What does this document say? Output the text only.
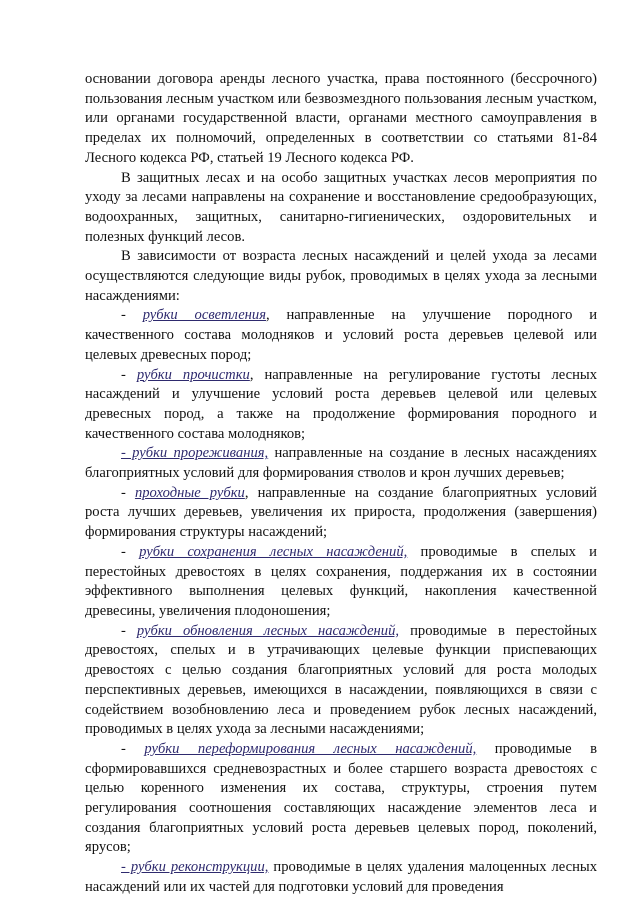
основании договора аренды лесного участка, права постоянного (бессрочного) пользования лесным участком или безвозмездного пользования лесным участком, или органами государственной власти, органами местного самоуправления в пределах их полномочий, определенных в соответствии со статьями 81-84 Лесного кодекса РФ, статьей 19 Лесного кодекса РФ.

В защитных лесах и на особо защитных участках лесов мероприятия по уходу за лесами направлены на сохранение и восстановление средообразующих, водоохранных, защитных, санитарно-гигиенических, оздоровительных и полезных функций лесов.

В зависимости от возраста лесных насаждений и целей ухода за лесами осуществляются следующие виды рубок, проводимых в целях ухода за лесными насаждениями:

- рубки осветления, направленные на улучшение породного и качественного состава молодняков и условий роста деревьев целевой или целевых древесных пород;

- рубки прочистки, направленные на регулирование густоты лесных насаждений и улучшение условий роста деревьев целевой или целевых древесных пород, а также на продолжение формирования породного и качественного состава молодняков;

- рубки прореживания, направленные на создание в лесных насаждениях благоприятных условий для формирования стволов и крон лучших деревьев;

- проходные рубки, направленные на создание благоприятных условий роста лучших деревьев, увеличения их прироста, продолжения (завершения) формирования структуры насаждений;

- рубки сохранения лесных насаждений, проводимые в спелых и перестойных древостоях в целях сохранения, поддержания их в состоянии эффективного выполнения целевых функций, накопления качественной древесины, увеличения плодоношения;

- рубки обновления лесных насаждений, проводимые в перестойных древостоях, спелых и в утрачивающих целевые функции приспевающих древостоях с целью создания благоприятных условий для роста молодых перспективных деревьев, имеющихся в насаждении, появляющихся в связи с содействием возобновлению леса и проведением рубок лесных насаждений, проводимых в целях ухода за лесными насаждениями;

- рубки переформирования лесных насаждений, проводимые в сформировавшихся средневозрастных и более старшего возраста древостоях с целью коренного изменения их состава, структуры, строения путем регулирования соотношения составляющих насаждение элементов леса и создания благоприятных условий роста деревьев целевых пород, поколений, ярусов;

- рубки реконструкции, проводимые в целях удаления малоценных лесных насаждений или их частей для подготовки условий для проведения
